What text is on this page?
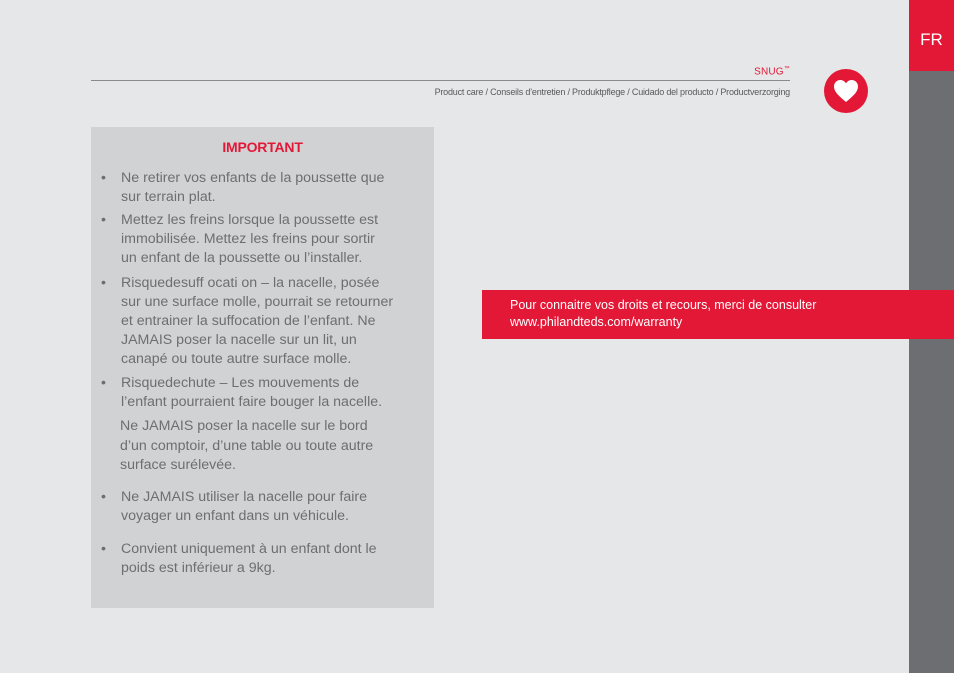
FR
SNUG™
Product care / Conseils d’entretien / Produktpflege / Cuidado del producto / Productverzorging
IMPORTANT
• Ne retirer vos enfants de la poussette que
sur terrain plat.
• Mettez les freins lorsque la poussette est
immobilisée. Mettez les freins pour sortir
un enfant de la poussette ou l’installer.
• Risquedesuff ocati on – la nacelle, posée
sur une surface molle, pourrait se retourner
et entrainer la suffocation de l’enfant. Ne
JAMAIS poser la nacelle sur un lit, un
canapé ou toute autre surface molle.
• Risquedechute – Les mouvements de
l’enfant pourraient faire bouger la nacelle.
Ne JAMAIS poser la nacelle sur le bord
d’un comptoir, d’une table ou toute autre
surface surélevée.
• Ne JAMAIS utiliser la nacelle pour faire
voyager un enfant dans un véhicule.
• Convient uniquement à un enfant dont le
poids est inférieur a 9kg.
Pour connaitre vos droits et recours, merci de consulter
www.philandteds.com/warranty
